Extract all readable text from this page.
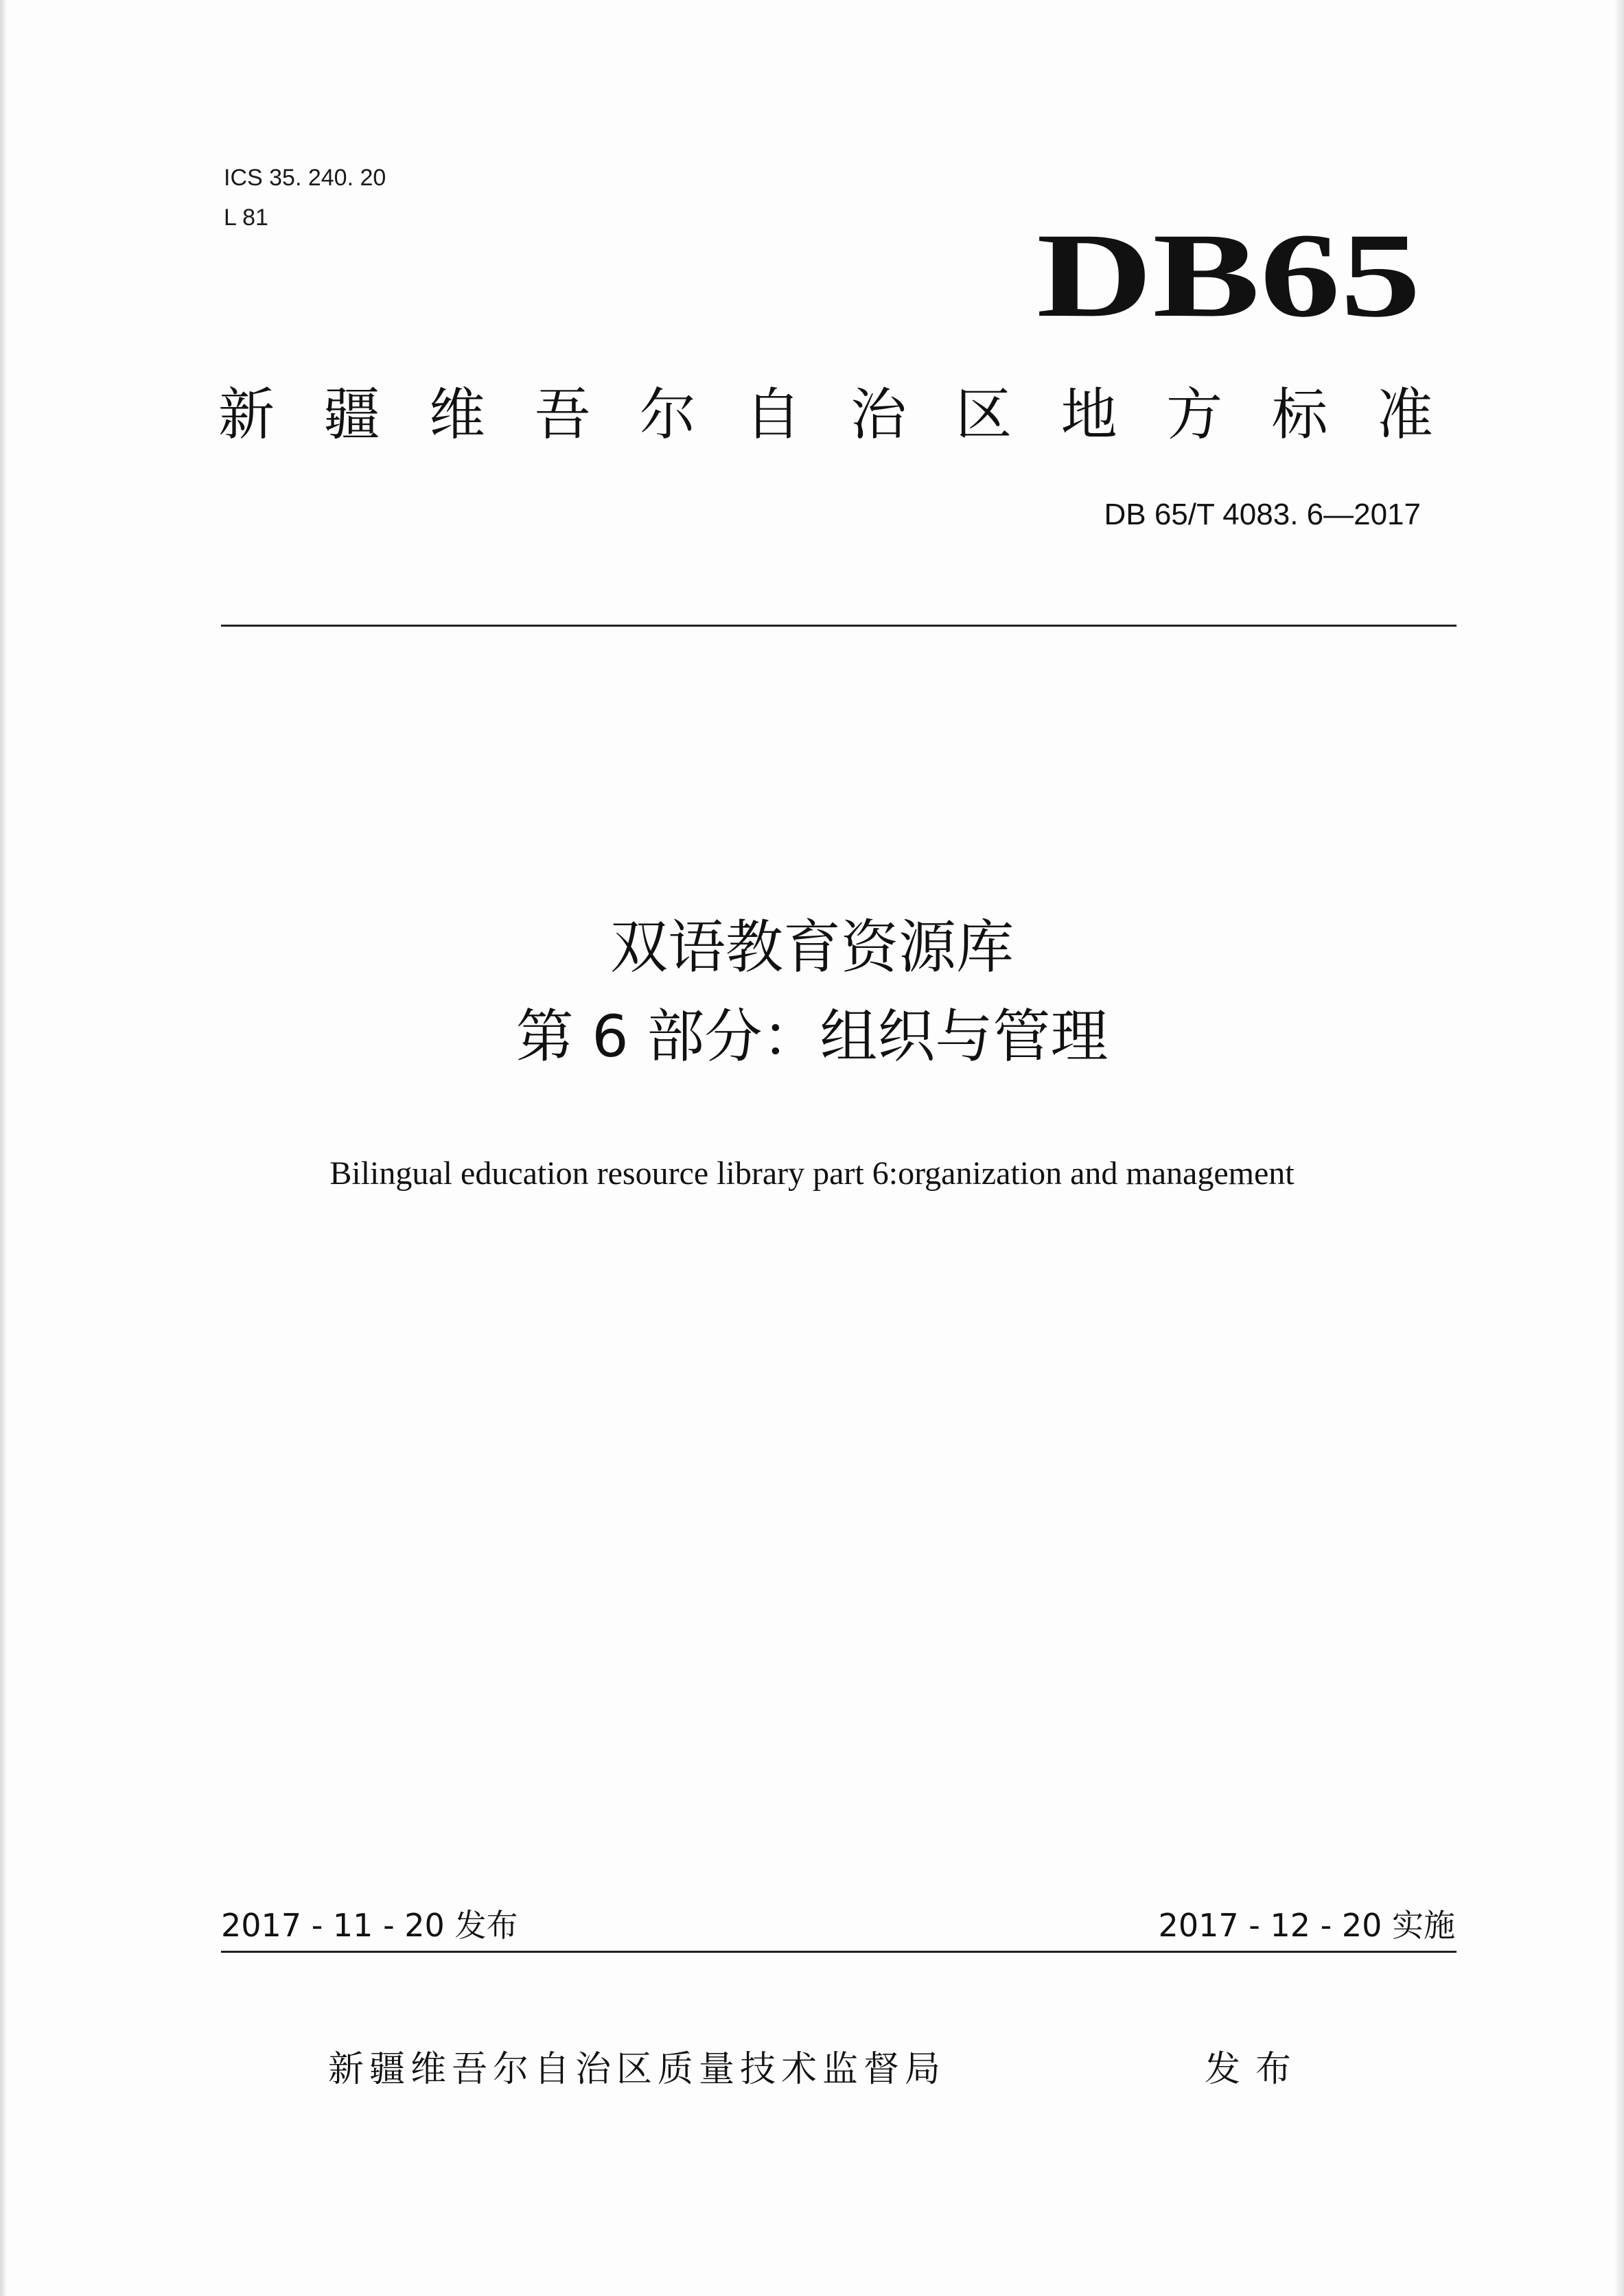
ICS 35. 240. 20
L 81	DB65
新 疆 维 吾 尔 自 治 区 地 方 标 准
DB 65/T 4083. 6—2017
双语教育资源库
第 6 部分：组织与管理
Bilingual education resource library part 6:organization and management
2017 - 11 - 20 发布	2017 - 12 - 20 实施
新疆维吾尔自治区质量技术监督局	发布
